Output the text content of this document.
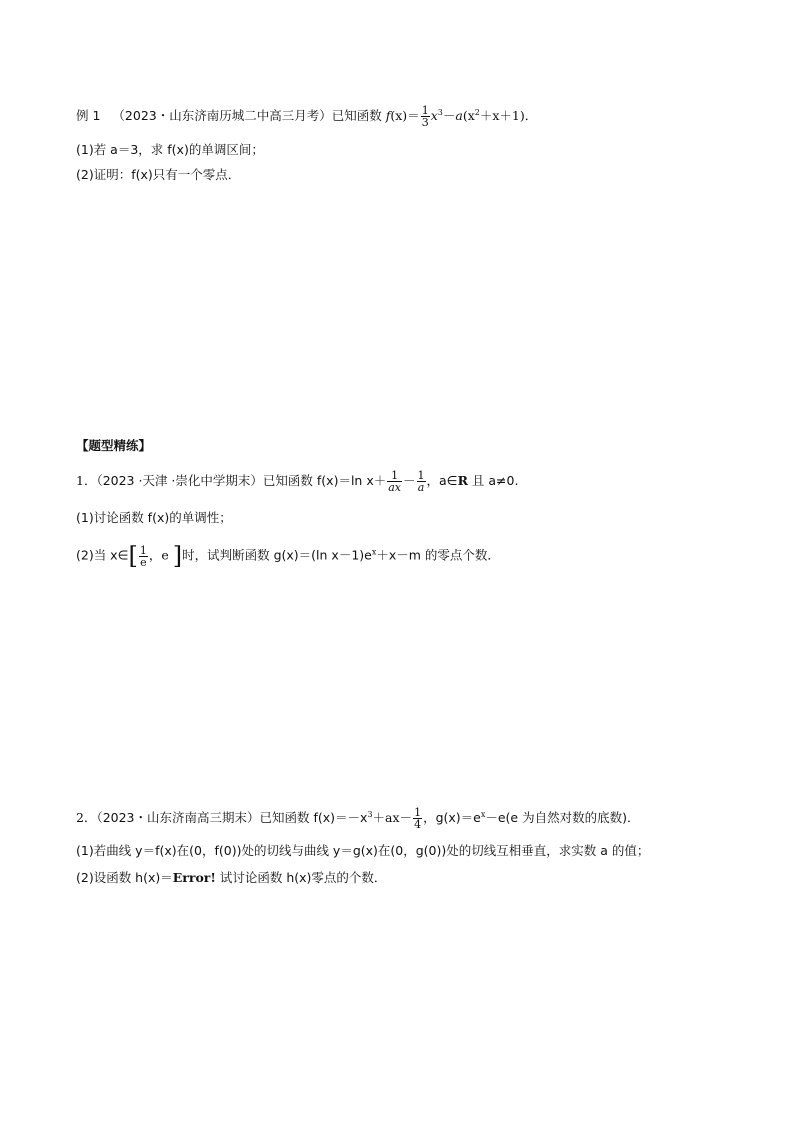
例 1 （2023・山东济南历城二中高三月考）已知函数 $f(x)= \frac{1}{3} x^3-a(x^2+x+1)$．
(1)若 a＝3，求 f(x)的单调区间；
(2)证明：f(x)只有一个零点．
【题型精练】
1．（2023 ·天津 ·崇化中学期末）已知函数 f(x)＝ln $x+ \frac{1}{ax} - \frac{1}{a}$ ，a∈R 且 a≠0.
(1)讨论函数 f(x)的单调性；
(2)当 x∈[ $\frac{1}{e}$ ，e ]时，试判断函数 g(x)＝(ln $x-1)e^x+x-m$ 的零点个数．
2．（2023・山东济南高三期末）已知函数 $f(x)=-x^3+ax- \frac{1}{4}$ ，$g(x)=e^x-e(e$ 为自然对数的底数)．
(1)若曲线 y＝f(x)在(0，f(0))处的切线与曲线 y＝g(x)在(0，g(0))处的切线互相垂直，求实数 a 的值；
(2)设函数 h(x)＝Error! 试讨论函数 h(x)零点的个数．
